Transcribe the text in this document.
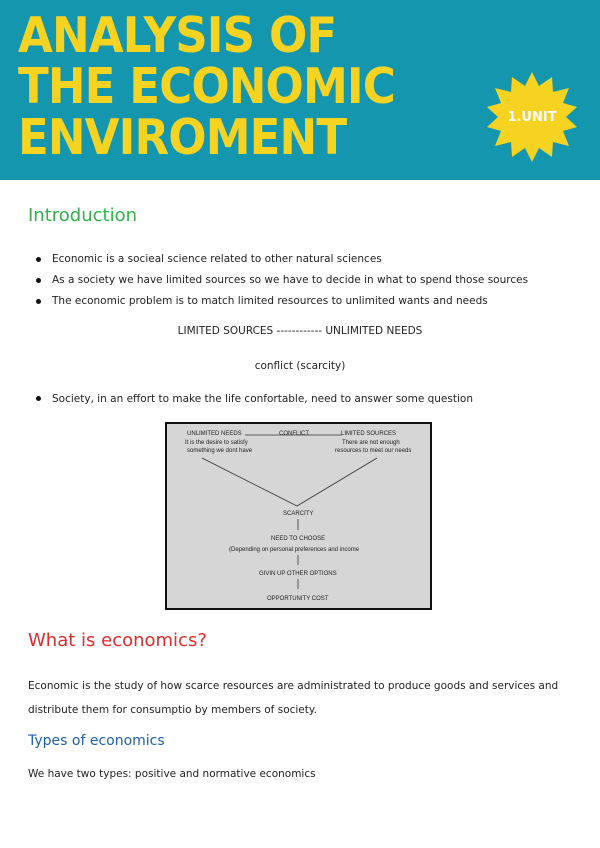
ANALYSIS OF
THE ECONOMIC
ENVIROMENT	1.UNIT
Introduction
Economic is a socieal science related to other natural sciences
As a society we have limited sources so we have to decide in what to spend those sources
The economic problem is to match limited resources to unlimited wants and needs
LIMITED SOURCES ------------ UNLIMITED NEEDS
conflict (scarcity)
Society, in an effort to make the life confortable, need to answer some question
UNLIMITED NEEDS
It is the desire to satisfy
something we dont have
CONFLICT	LIMITED SOURCES
There are not enough
resources to meet our needs
SCARCITY
NEED TO CHOOSE
(Depending on personal preferences and income
GIVIN UP OTHER OPTIONS
OPPORTUNITY COST
What is economics?

Economic is the study of how scarce resources are administrated to produce goods and services and distribute them for consumptio by members of society.

Types of economics

We have two types: positive and normative economics
